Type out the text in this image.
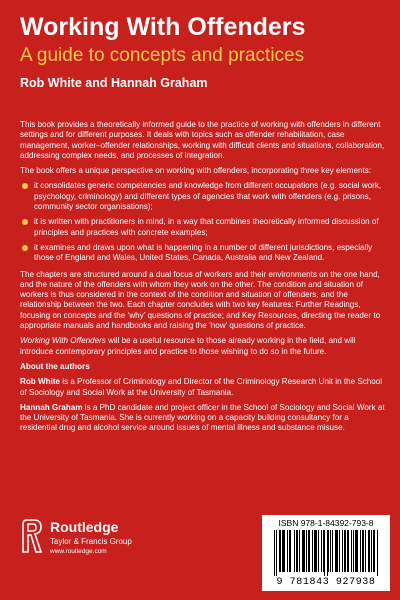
Working With Offenders
A guide to concepts and practices
Rob White and Hannah Graham

This book provides a theoretically informed guide to the practice of working with offenders in different settings and for different purposes. It deals with topics such as offender rehabilitation, case management, worker–offender relationships, working with difficult clients and situations, collaboration, addressing complex needs, and processes of integration.

The book offers a unique perspective on working with offenders, incorporating three key elements:

it consolidates generic competencies and knowledge from different occupations (e.g. social work, psychology, criminology) and different types of agencies that work with offenders (e.g. prisons, community sector organisations);
it is written with practitioners in mind, in a way that combines theoretically informed discussion of principles and practices with concrete examples;
it examines and draws upon what is happening in a number of different jurisdictions, especially those of England and Wales, United States, Canada, Australia and New Zealand.

The chapters are structured around a dual focus of workers and their environments on the one hand, and the nature of the offenders with whom they work on the other. The condition and situation of workers is thus considered in the context of the condition and situation of offenders, and the relationship between the two. Each chapter concludes with two key features: Further Readings, focusing on concepts and the ‘why’ questions of practice; and Key Resources, directing the reader to appropriate manuals and handbooks and raising the ‘how’ questions of practice.

Working With Offenders will be a useful resource to those already working in the field, and will introduce contemporary principles and practice to those wishing to do so in the future.

About the authors

Rob White is a Professor of Criminology and Director of the Criminology Research Unit in the School of Sociology and Social Work at the University of Tasmania.

Hannah Graham is a PhD candidate and project officer in the School of Sociology and Social Work at the University of Tasmania. She is currently working on a capacity building consultancy for a residential drug and alcohol service around issues of mental illness and substance misuse.

Routledge
Taylor & Francis Group
www.routledge.com
ISBN 978-1-84392-793-8
9 781843 927938
